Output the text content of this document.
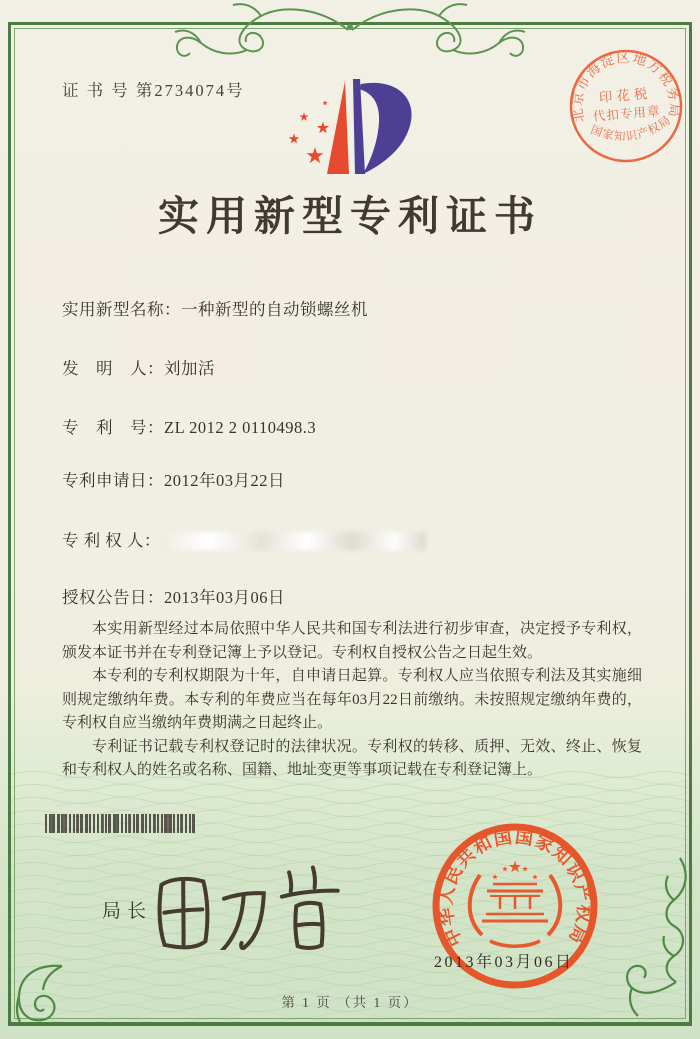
证 书 号 第2734074号
北京市海淀区地方税务局
印花税
代扣专用章
国家知识产权局
实用新型专利证书
实用新型名称：一种新型的自动锁螺丝机
发　明　人：刘加活
专　利　号：ZL 2012 2 0110498.3
专利申请日：2012年03月22日
专 利 权 人：
授权公告日：2013年03月06日

本实用新型经过本局依照中华人民共和国专利法进行初步审查，决定授予专利权，颁发本证书并在专利登记簿上予以登记。专利权自授权公告之日起生效。

本专利的专利权期限为十年，自申请日起算。专利权人应当依照专利法及其实施细则规定缴纳年费。本专利的年费应当在每年03月22日前缴纳。未按照规定缴纳年费的，专利权自应当缴纳年费期满之日起终止。

专利证书记载专利权登记时的法律状况。专利权的转移、质押、无效、终止、恢复和专利权人的姓名或名称、国籍、地址变更等事项记载在专利登记簿上。

局长
中华人民共和国国家知识产权局
2013年03月06日
第 1 页 （共 1 页）
